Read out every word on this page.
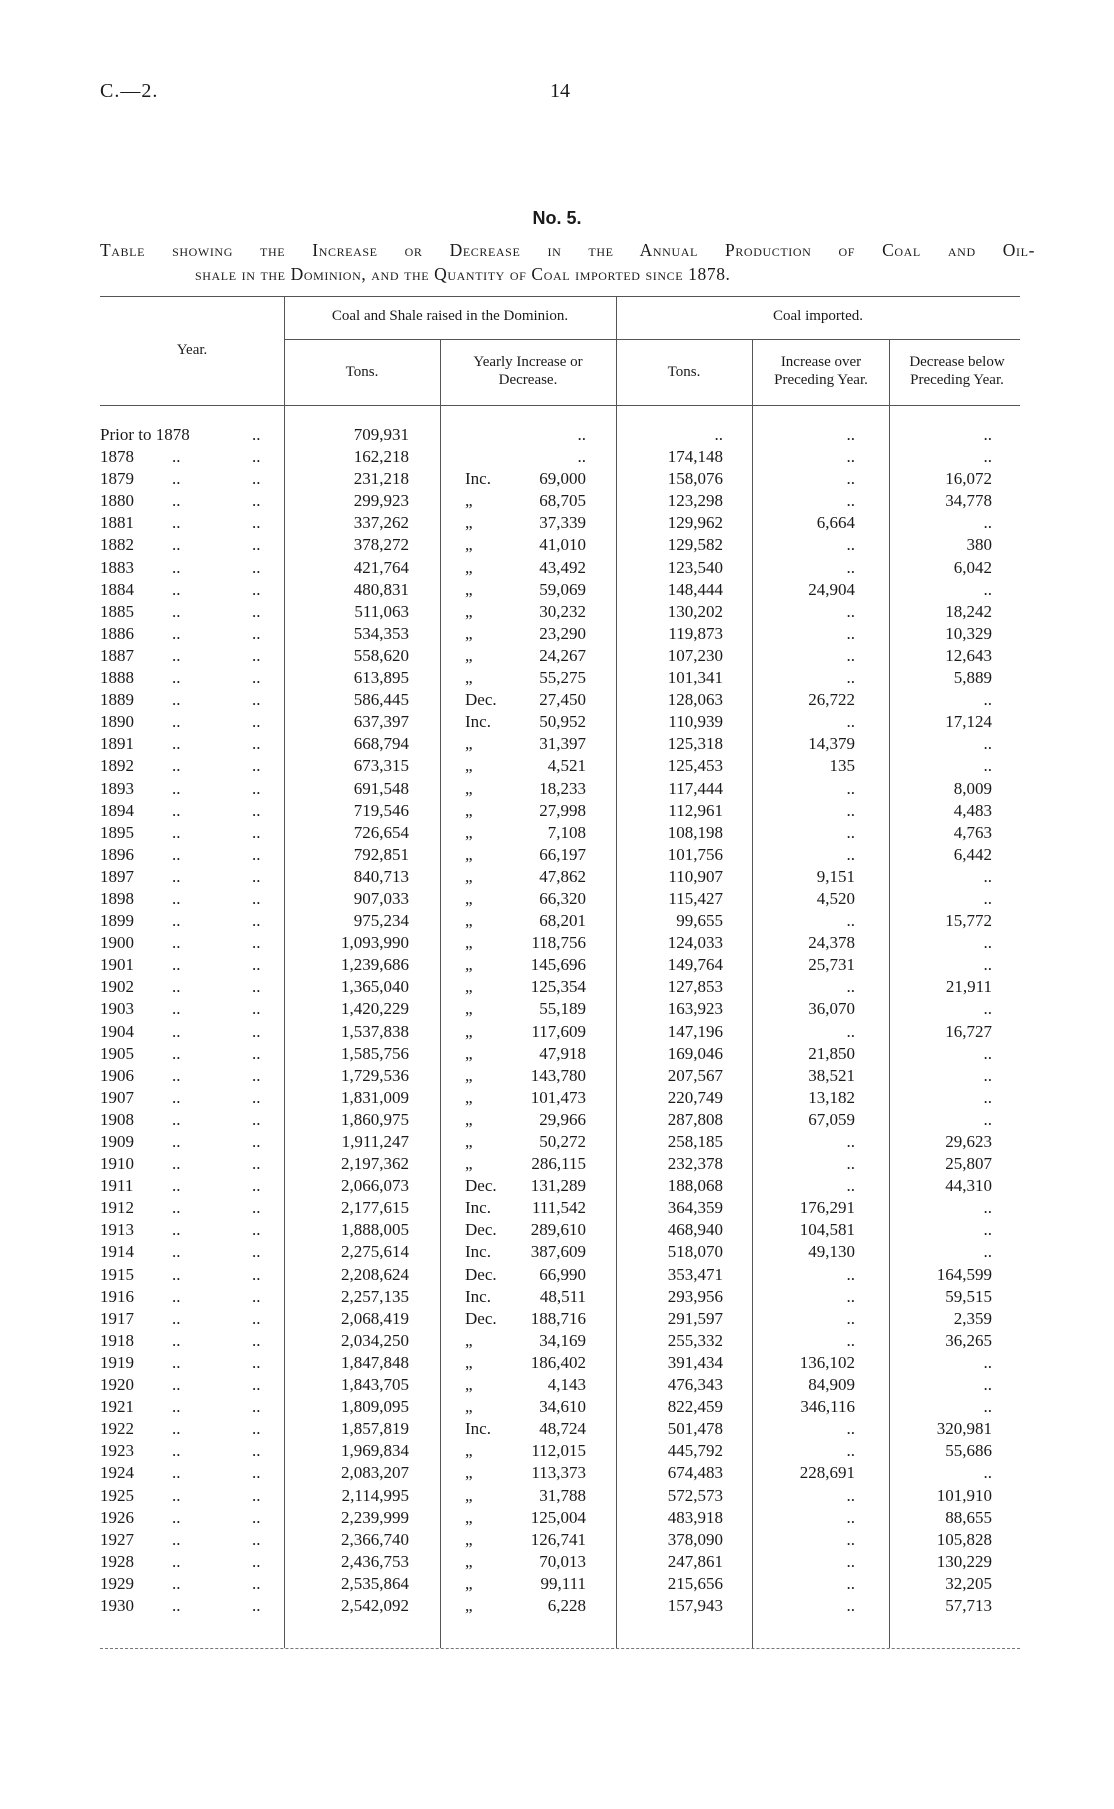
C.—2.	14
No. 5.
Table showing the Increase or Decrease in the Annual Production of Coal and Oil-
shale in the Dominion, and the Quantity of Coal imported since 1878.
Year.
Coal and Shale raised in the Dominion.
Tons.
Yearly Increase or Decrease.
Coal imported.
Tons.
Increase over Preceding Year.
Decrease below Preceding Year.
Prior to 1878	..	709,931	..	..	..	..
1878 ..	..	162,218	..	174,148	..	..
1879 ..	..	231,218	Inc.	69,000	158,076	..	16,072
1880 ..	..	299,923	„	68,705	123,298	..	34,778
1881 ..	..	337,262	„	37,339	129,962	6,664	..
1882 ..	..	378,272	„	41,010	129,582	..	380
1883 ..	..	421,764	„	43,492	123,540	..	6,042
1884 ..	..	480,831	„	59,069	148,444	24,904	..
1885 ..	..	511,063	„	30,232	130,202	..	18,242
1886 ..	..	534,353	„	23,290	119,873	..	10,329
1887 ..	..	558,620	„	24,267	107,230	..	12,643
1888 ..	..	613,895	„	55,275	101,341	..	5,889
1889 ..	..	586,445	Dec.	27,450	128,063	26,722	..
1890 ..	..	637,397	Inc.	50,952	110,939	..	17,124
1891 ..	..	668,794	„	31,397	125,318	14,379	..
1892 ..	..	673,315	„	4,521	125,453	135	..
1893 ..	..	691,548	„	18,233	117,444	..	8,009
1894 ..	..	719,546	„	27,998	112,961	..	4,483
1895 ..	..	726,654	„	7,108	108,198	..	4,763
1896 ..	..	792,851	„	66,197	101,756	..	6,442
1897 ..	..	840,713	„	47,862	110,907	9,151	..
1898 ..	..	907,033	„	66,320	115,427	4,520	..
1899 ..	..	975,234	„	68,201	99,655	..	15,772
1900 ..	..	1,093,990	„	118,756	124,033	24,378	..
1901 ..	..	1,239,686	„	145,696	149,764	25,731	..
1902 ..	..	1,365,040	„	125,354	127,853	..	21,911
1903 ..	..	1,420,229	„	55,189	163,923	36,070	..
1904 ..	..	1,537,838	„	117,609	147,196	..	16,727
1905 ..	..	1,585,756	„	47,918	169,046	21,850	..
1906 ..	..	1,729,536	„	143,780	207,567	38,521	..
1907 ..	..	1,831,009	„	101,473	220,749	13,182	..
1908 ..	..	1,860,975	„	29,966	287,808	67,059	..
1909 ..	..	1,911,247	„	50,272	258,185	..	29,623
1910 ..	..	2,197,362	„	286,115	232,378	..	25,807
1911 ..	..	2,066,073	Dec. 131,289	188,068	..	44,310
1912 ..	..	2,177,615	Inc. 111,542	364,359	176,291	..
1913 ..	..	1,888,005	Dec. 289,610	468,940	104,581	..
1914 ..	..	2,275,614	Inc. 387,609	518,070	49,130	..
1915 ..	..	2,208,624	Dec.	66,990	353,471	..	164,599
1916 ..	..	2,257,135	Inc.	48,511	293,956	..	59,515
1917 ..	..	2,068,419	Dec. 188,716	291,597	..	2,359
1918 ..	..	2,034,250	„	34,169	255,332	..	36,265
1919 ..	..	1,847,848	„	186,402	391,434	136,102	..
1920 ..	..	1,843,705	„	4,143	476,343	84,909	..
1921 ..	..	1,809,095	„	34,610	822,459	346,116	..
1922 ..	..	1,857,819	Inc.	48,724	501,478	..	320,981
1923 ..	..	1,969,834	„	112,015	445,792	..	55,686
1924 ..	..	2,083,207	„	113,373	674,483	228,691	..
1925 ..	..	2,114,995	„	31,788	572,573	..	101,910
1926 ..	..	2,239,999	„	125,004	483,918	..	88,655
1927 ..	..	2,366,740	„	126,741	378,090	..	105,828
1928 ..	..	2,436,753	„	70,013	247,861	..	130,229
1929 ..	..	2,535,864	„	99,111	215,656	..	32,205
1930 ..	..	2,542,092	„	6,228	157,943	..	57,713
